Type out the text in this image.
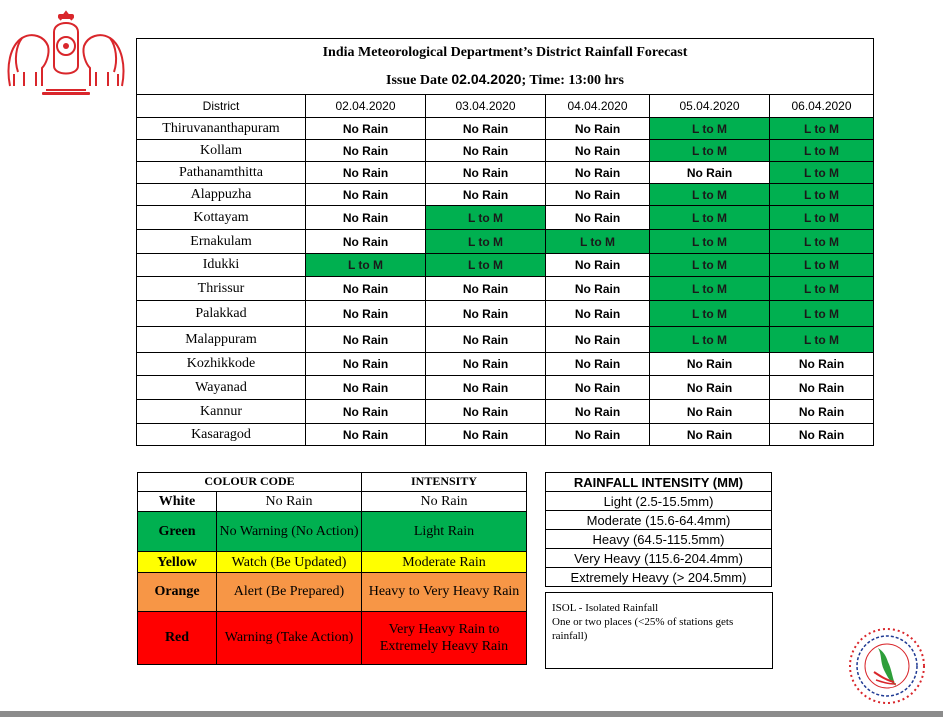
India Meteorological Department’s District Rainfall Forecast
Issue Date 02.04.2020; Time: 13:00 hrs					

District	02.04.2020	03.04.2020	04.04.2020	05.04.2020	06.04.2020
Thiruvananthapuram	No Rain	No Rain	No Rain	L to M	L to M
Kollam	No Rain	No Rain	No Rain	L to M	L to M
Pathanamthitta	No Rain	No Rain	No Rain	No Rain	L to M
Alappuzha	No Rain	No Rain	No Rain	L to M	L to M
Kottayam	No Rain	L to M	No Rain	L to M	L to M
Ernakulam	No Rain	L to M	L to M	L to M	L to M
Idukki	L to M	L to M	No Rain	L to M	L to M
Thrissur	No Rain	No Rain	No Rain	L to M	L to M
Palakkad	No Rain	No Rain	No Rain	L to M	L to M
Malappuram	No Rain	No Rain	No Rain	L to M	L to M
Kozhikkode	No Rain	No Rain	No Rain	No Rain	No Rain
Wayanad	No Rain	No Rain	No Rain	No Rain	No Rain
Kannur	No Rain	No Rain	No Rain	No Rain	No Rain
Kasaragod	No Rain	No Rain	No Rain	No Rain	No Rain
COLOUR CODE		INTENSITY
White	No Rain	No Rain
Green	No Warning (No Action)	Light Rain
Yellow	Watch (Be Updated)	Moderate Rain
Orange	Alert (Be Prepared)	Heavy to Very Heavy Rain
Red	Warning (Take Action)	Very Heavy Rain to Extremely Heavy Rain
RAINFALL INTENSITY (MM)
Light (2.5-15.5mm)
Moderate (15.6-64.4mm)
Heavy (64.5-115.5mm)
Very Heavy (115.6-204.4mm)
Extremely Heavy (> 204.5mm)
ISOL - Isolated Rainfall
One or two places (<25% of stations gets rainfall)
